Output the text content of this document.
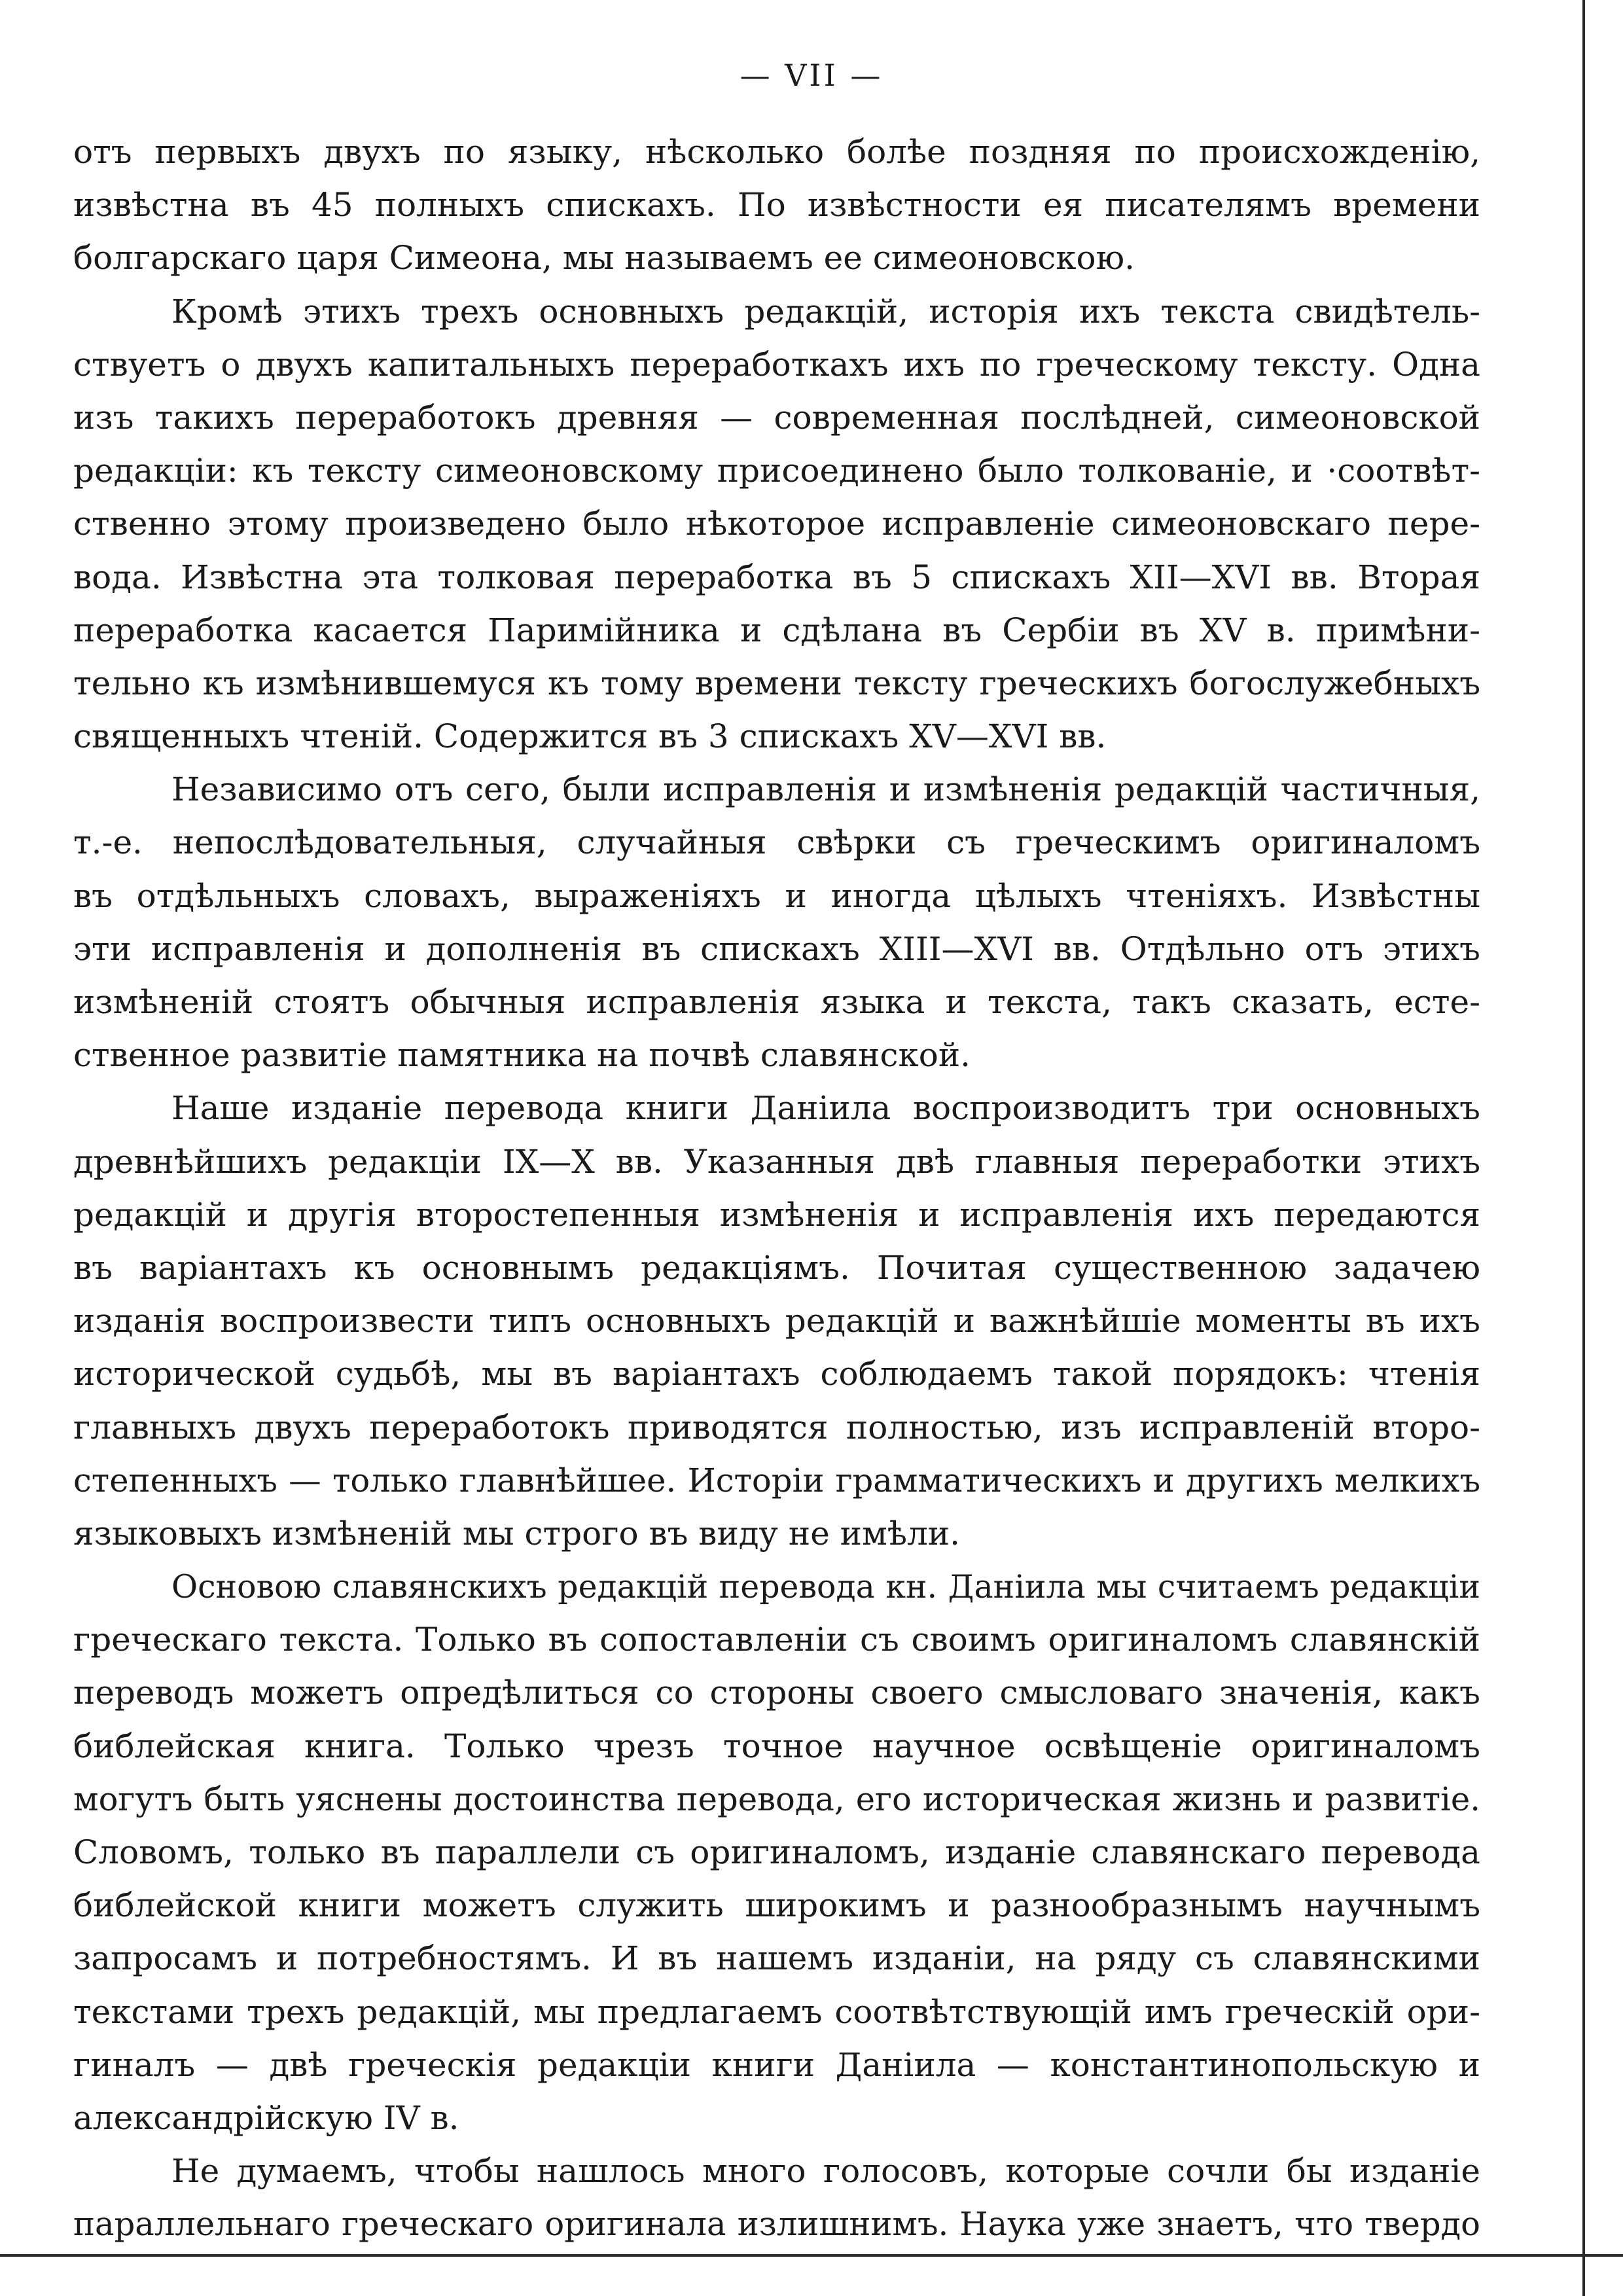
— VII —
отъ первыхъ двухъ по языку, нѣсколько болѣе поздняя по происхожденію,
извѣстна въ 45 полныхъ спискахъ. По извѣстности ея писателямъ времени
болгарскаго царя Симеона, мы называемъ ее симеоновскою.
Кромѣ этихъ трехъ основныхъ редакцій, исторія ихъ текста свидѣтель-
ствуетъ о двухъ капитальныхъ переработкахъ ихъ по греческому тексту. Одна
изъ такихъ переработокъ древняя — современная послѣдней, симеоновской
редакціи: къ тексту симеоновскому присоединено было толкованіе, и ·соотвѣт-
ственно этому произведено было нѣкоторое исправленіе симеоновскаго пере-
вода. Извѣстна эта толковая переработка въ 5 спискахъ XII—XVI вв. Вторая
переработка касается Паримійника и сдѣлана въ Сербіи въ XV в. примѣни-
тельно къ измѣнившемуся къ тому времени тексту греческихъ богослужебныхъ
священныхъ чтеній. Содержится въ 3 спискахъ XV—XVI вв.
Независимо отъ сего, были исправленія и измѣненія редакцій частичныя,
т.-е. непослѣдовательныя, случайныя свѣрки съ греческимъ оригиналомъ
въ отдѣльныхъ словахъ, выраженіяхъ и иногда цѣлыхъ чтеніяхъ. Извѣстны
эти исправленія и дополненія въ спискахъ XIII—XVI вв. Отдѣльно отъ этихъ
измѣненій стоятъ обычныя исправленія языка и текста, такъ сказать, есте-
ственное развитіе памятника на почвѣ славянской.
Наше изданіе перевода книги Даніила воспроизводитъ три основныхъ
древнѣйшихъ редакціи IX—X вв. Указанныя двѣ главныя переработки этихъ
редакцій и другія второстепенныя измѣненія и исправленія ихъ передаются
въ варіантахъ къ основнымъ редакціямъ. Почитая существенною задачею
изданія воспроизвести типъ основныхъ редакцій и важнѣйшіе моменты въ ихъ
исторической судьбѣ, мы въ варіантахъ соблюдаемъ такой порядокъ: чтенія
главныхъ двухъ переработокъ приводятся полностью, изъ исправленій второ-
степенныхъ — только главнѣйшее. Исторіи грамматическихъ и другихъ мелкихъ
языковыхъ измѣненій мы строго въ виду не имѣли.
Основою славянскихъ редакцій перевода кн. Даніила мы считаемъ редакціи
греческаго текста. Только въ сопоставленіи съ своимъ оригиналомъ славянскій
переводъ можетъ опредѣлиться со стороны своего смысловаго значенія, какъ
библейская книга. Только чрезъ точное научное освѣщеніе оригиналомъ
могутъ быть уяснены достоинства перевода, его историческая жизнь и развитіе.
Словомъ, только въ параллели съ оригиналомъ, изданіе славянскаго перевода
библейской книги можетъ служить широкимъ и разнообразнымъ научнымъ
запросамъ и потребностямъ. И въ нашемъ изданіи, на ряду съ славянскими
текстами трехъ редакцій, мы предлагаемъ соотвѣтствующій имъ греческій ори-
гиналъ — двѣ греческія редакціи книги Даніила — константинопольскую и
александрійскую IV в.
Не думаемъ, чтобы нашлось много голосовъ, которые сочли бы изданіе
параллельнаго греческаго оригинала излишнимъ. Наука уже знаетъ, что твердо
